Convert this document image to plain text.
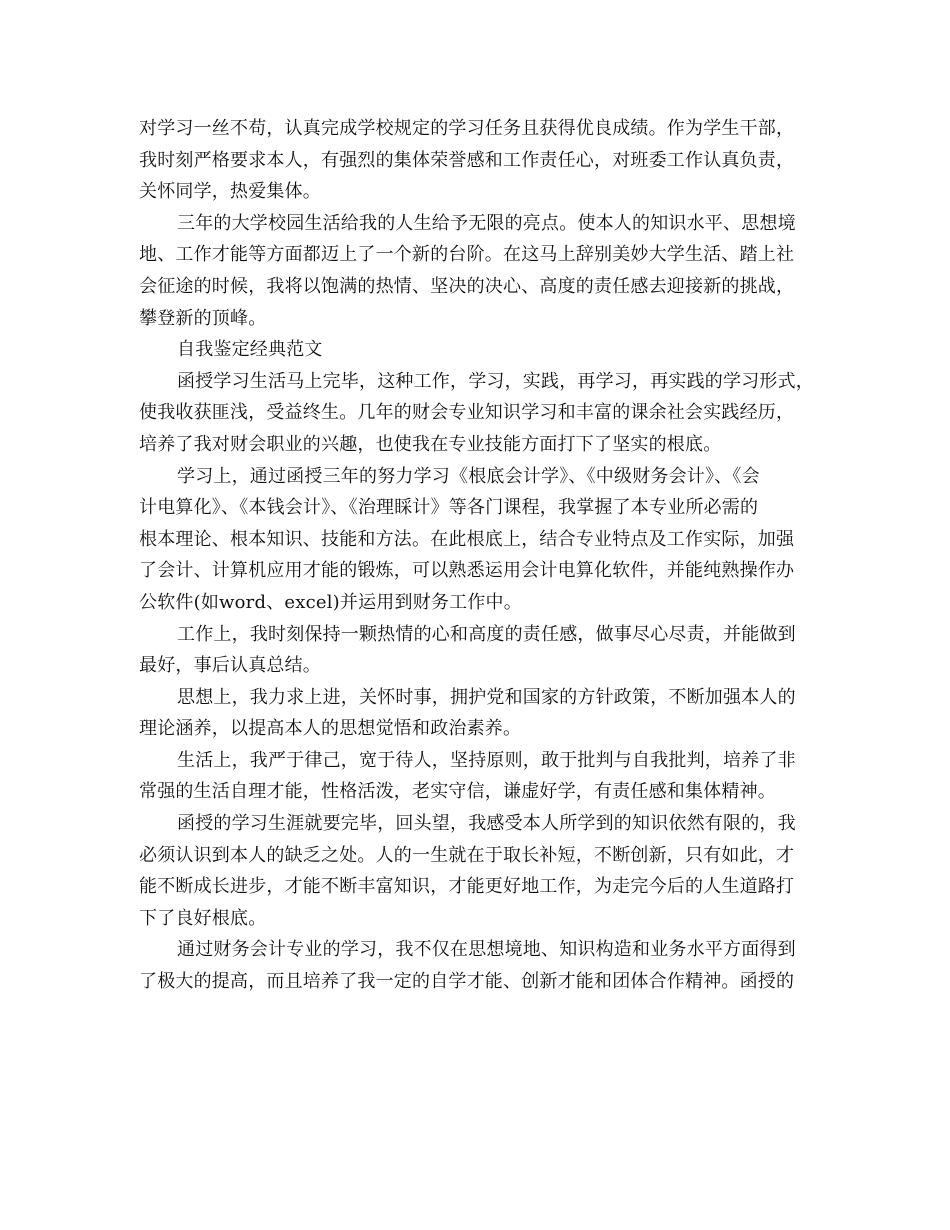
对学习一丝不苟，认真完成学校规定的学习任务且获得优良成绩。作为学生干部，
我时刻严格要求本人，有强烈的集体荣誉感和工作责任心，对班委工作认真负责，
关怀同学，热爱集体。
三年的大学校园生活给我的人生给予无限的亮点。使本人的知识水平、思想境
地、工作才能等方面都迈上了一个新的台阶。在这马上辞别美妙大学生活、踏上社
会征途的时候，我将以饱满的热情、坚决的决心、高度的责任感去迎接新的挑战，
攀登新的顶峰。
自我鉴定经典范文
函授学习生活马上完毕，这种工作，学习，实践，再学习，再实践的学习形式，
使我收获匪浅，受益终生。几年的财会专业知识学习和丰富的课余社会实践经历，
培养了我对财会职业的兴趣，也使我在专业技能方面打下了坚实的根底。
学习上，通过函授三年的努力学习《根底会计学》、《中级财务会计》、《会
计电算化》、《本钱会计》、《治理睬计》等各门课程，我掌握了本专业所必需的
根本理论、根本知识、技能和方法。在此根底上，结合专业特点及工作实际，加强
了会计、计算机应用才能的锻炼，可以熟悉运用会计电算化软件，并能纯熟操作办
公软件(如word、excel)并运用到财务工作中。
工作上，我时刻保持一颗热情的心和高度的责任感，做事尽心尽责，并能做到
最好，事后认真总结。
思想上，我力求上进，关怀时事，拥护党和国家的方针政策，不断加强本人的
理论涵养，以提高本人的思想觉悟和政治素养。
生活上，我严于律己，宽于待人，坚持原则，敢于批判与自我批判，培养了非
常强的生活自理才能，性格活泼，老实守信，谦虚好学，有责任感和集体精神。
函授的学习生涯就要完毕，回头望，我感受本人所学到的知识依然有限的，我
必须认识到本人的缺乏之处。人的一生就在于取长补短，不断创新，只有如此，才
能不断成长进步，才能不断丰富知识，才能更好地工作，为走完今后的人生道路打
下了良好根底。
通过财务会计专业的学习，我不仅在思想境地、知识构造和业务水平方面得到
了极大的提高，而且培养了我一定的自学才能、创新才能和团体合作精神。函授的
